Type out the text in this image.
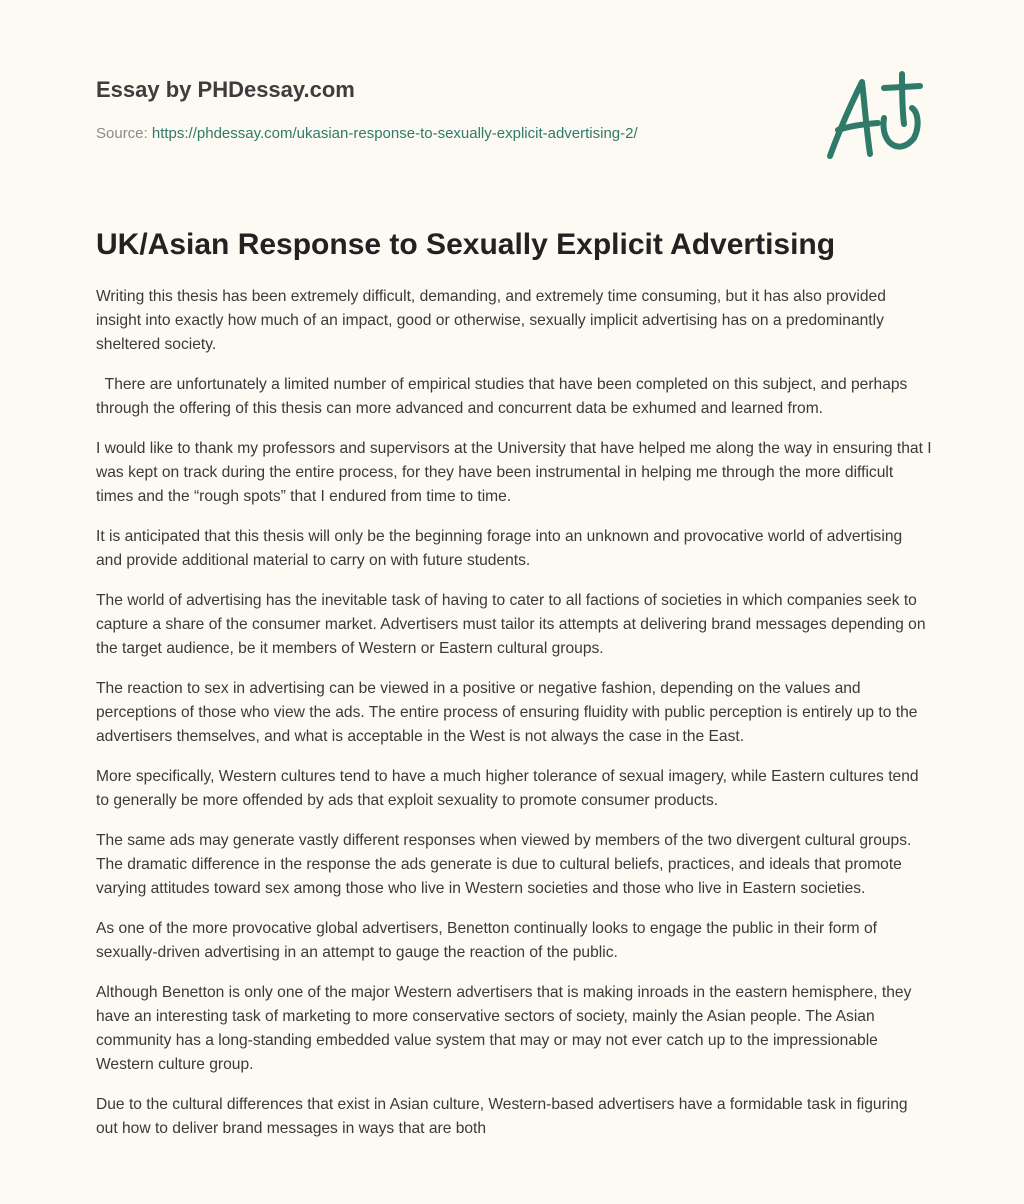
Essay by PHDessay.com
Source: https://phdessay.com/ukasian-response-to-sexually-explicit-advertising-2/
UK/Asian Response to Sexually Explicit Advertising

Writing this thesis has been extremely difficult, demanding, and extremely time consuming, but it has also provided insight into exactly how much of an impact, good or otherwise, sexually implicit advertising has on a predominantly sheltered society.

There are unfortunately a limited number of empirical studies that have been completed on this subject, and perhaps through the offering of this thesis can more advanced and concurrent data be exhumed and learned from.

I would like to thank my professors and supervisors at the University that have helped me along the way in ensuring that I was kept on track during the entire process, for they have been instrumental in helping me through the more difficult times and the “rough spots” that I endured from time to time.

It is anticipated that this thesis will only be the beginning forage into an unknown and provocative world of advertising and provide additional material to carry on with future students.

The world of advertising has the inevitable task of having to cater to all factions of societies in which companies seek to capture a share of the consumer market. Advertisers must tailor its attempts at delivering brand messages depending on the target audience, be it members of Western or Eastern cultural groups.

The reaction to sex in advertising can be viewed in a positive or negative fashion, depending on the values and perceptions of those who view the ads. The entire process of ensuring fluidity with public perception is entirely up to the advertisers themselves, and what is acceptable in the West is not always the case in the East.

More specifically, Western cultures tend to have a much higher tolerance of sexual imagery, while Eastern cultures tend to generally be more offended by ads that exploit sexuality to promote consumer products.

The same ads may generate vastly different responses when viewed by members of the two divergent cultural groups. The dramatic difference in the response the ads generate is due to cultural beliefs, practices, and ideals that promote varying attitudes toward sex among those who live in Western societies and those who live in Eastern societies.

As one of the more provocative global advertisers, Benetton continually looks to engage the public in their form of sexually-driven advertising in an attempt to gauge the reaction of the public.

Although Benetton is only one of the major Western advertisers that is making inroads in the eastern hemisphere, they have an interesting task of marketing to more conservative sectors of society, mainly the Asian people. The Asian community has a long-standing embedded value system that may or may not ever catch up to the impressionable Western culture group.

Due to the cultural differences that exist in Asian culture, Western-based advertisers have a formidable task in figuring out how to deliver brand messages in ways that are both
